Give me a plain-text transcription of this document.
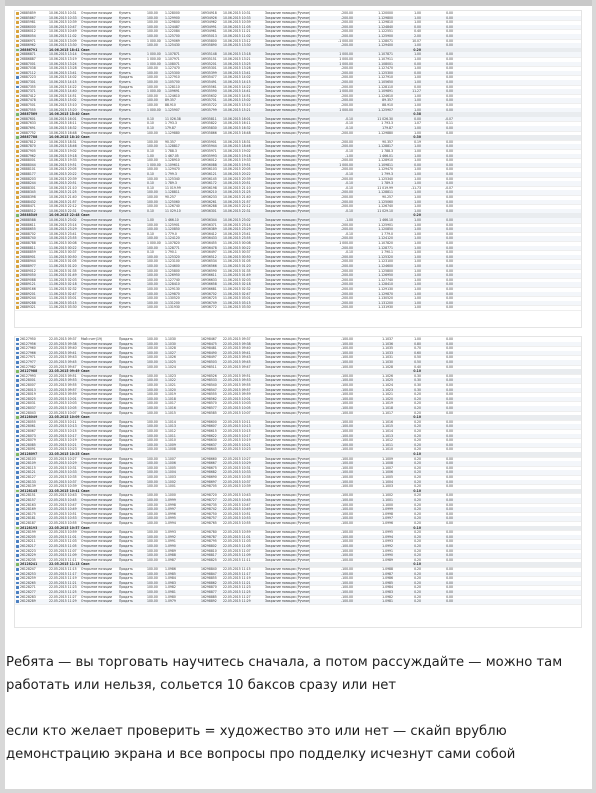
26885859	10.06.2015 10:31	Открытие позиции	Купить	100.00	1.128000	16934918	10.06.2015 10:31	Закрытие позиции (Ручное)	-200.00	1.120000	1.00	0.00
26885867	10.06.2015 10:33	Открытие позиции	Купить	100.00	1.129900	16934926	10.06.2015 10:33	Закрытие позиции (Ручное)	-200.00	1.129800	1.00	0.00
26885981	10.06.2015 10:39	Открытие позиции	Купить	100.00	1.129800	16934962	10.06.2015 10:39	Закрытие позиции (Ручное)	-200.00	1.129810	1.00	0.00
26886000	10.06.2015 10:47	Открытие позиции	Купить	100.00	1.124487	16934991	10.06.2015 11:05	Закрытие позиции (Ручное)	-200.00	1.124840	0.00	0.00
26886012	10.06.2015 10:49	Открытие позиции	Купить	100.00	1.122084	16934961	10.06.2015 11:21	Закрытие позиции (Ручное)	-200.00	1.122551	0.40	0.00
26886054	10.06.2015 11:02	Открытие позиции	Купить	100.00	1.125700	16935013	10.06.2015 11:02	Закрытие позиции (Ручное)	-200.00	1.125900	2.00	0.00
26886971	10.06.2015 13:09	Открытие позиции	Купить	1 000.00	1.129069	16935800	10.06.2015 13:12	Закрытие позиции (Ручное)	-1 000.00	1.128071	10.07	0.00
26886962	10.06.2015 13:30	Открытие позиции	Купить	100.00	1.125430	16935890	10.06.2015 13:30	Закрытие позиции (Ручное)	-200.00	1.129400	1.00	0.00
26886791	10.06.2015 18:41 Своп	0.20
26886871	10.06.2015 13:14	Открытие позиции	Купить	1 000.00	1.107871	16935148	10.06.2015 13:18	Закрытие позиции (Ручное)	1 000.00	1.107871	1.00	0.00
26886887	10.06.2015 13:19	Открытие позиции	Купить	1 000.00	1.107971	16935151	10.06.2015 13:21	Закрытие позиции (Ручное)	1 000.00	1.107911	1.00	0.00
26887001	10.06.2015 13:24	Открытие позиции	Купить	1 000.00	1.108071	16935201	10.06.2015 13:25	Закрытие позиции (Ручное)	1 000.00	1.108001	0.00	0.00
26887038	10.06.2015 13:28	Открытие позиции	Купить	100.00	1.127470	16935301	10.06.2015 13:28	Закрытие позиции (Ручное)	-200.00	1.127470	1.00	0.00
26887112	10.06.2015 13:41	Открытие позиции	Купить	100.00	1.125300	16935399	10.06.2015 13:41	Закрытие позиции (Ручное)	-200.00	1.125300	0.00	0.00
26887223	10.06.2015 14:02	Открытие позиции	Продать	100.00	1.127910	16935477	10.06.2015 14:02	Закрытие позиции (Ручное)	-200.00	1.127910	1.00	0.00
26887301	10.06.2015 14:15	Открытие позиции	Купить	100.00	1.105700	16935491	10.06.2015 14:15	Закрытие позиции (Ручное)	-200.00	1.105650	1.00	0.00
26887355	10.06.2015 14:22	Открытие позиции	Продать	100.00	1.128110	16935561	10.06.2015 14:22	Закрытие позиции (Ручное)	-200.00	1.128110	0.00	0.00
26887371	10.06.2015 14:40	Открытие позиции	Купить	1 000.00	1.109691	16935590	10.06.2015 14:41	Закрытие позиции (Ручное)	1 000.00	1.109891	11.27	0.00
26887412	10.06.2015 14:51	Открытие позиции	Купить	100.00	1.124610	16935632	10.06.2015 14:51	Закрытие позиции (Ручное)	-200.00	1.124610	1.00	0.00
26887478	10.06.2015 15:02	Открытие позиции	Купить	100.00	89.357	16935701	10.06.2015 15:02	Закрытие позиции (Ручное)	-200.00	89.357	1.00	0.00
26887501	10.06.2015 15:10	Открытие позиции	Купить	100.00	88.910	16935722	10.06.2015 15:10	Закрытие позиции (Ручное)	-200.00	88.910	1.00	0.00
26887555	10.06.2015 15:20	Открытие позиции	Купить	1 000.00	1.125907	16935799	10.06.2015 15:21	Закрытие позиции (Ручное)	1 000.00	1.125907	1.00	0.00
26887569	10.06.2015 15:40 Своп	0.38
26887601	10.06.2015 16:01	Открытие позиции	Купить	0.10	11 026.38	16935811	10.06.2015 16:01	Закрытие позиции (Ручное)	-0.10	11 026.30	0.00	-0.07
26887633	10.06.2015 16:11	Открытие позиции	Купить	0.10	1 793.3	16935822	10.06.2015 16:11	Закрытие позиции (Ручное)	-0.10	1 793.3	1.07	0.11
26887691	10.06.2015 16:32	Открытие позиции	Купить	0.10	179.87	16935830	10.06.2015 16:32	Закрытие позиции (Ручное)	-0.10	179.87	1.00	0.00
26887752	10.06.2015 16:48	Открытие позиции	Купить	100.00	1.129880	16935866	10.06.2015 16:48	Закрытие позиции (Ручное)	-200.00	1.129880	1.00	0.00
26887788	10.06.2015 18:10 Своп	0.30
26887812	10.06.2015 18:31	Открытие позиции	Купить	100.00	90.357	16935901	10.06.2015 18:31	Закрытие позиции (Ручное)	-200.00	90.357	0.19	0.00
26887870	10.06.2015 18:46	Открытие позиции	Купить	100.00	1.128817	16935944	10.06.2015 18:46	Закрытие позиции (Ручное)	-200.00	1.128817	1.00	0.00
26887905	10.06.2015 19:02	Открытие позиции	Купить	0.10	1 788.3	16935971	10.06.2015 19:02	Закрытие позиции (Ручное)	-0.10	1 788.3	1.00	0.00
26887962	10.06.2015 19:18	Открытие позиции	Купить	1.00	1 467.05	16935993	10.06.2015 19:18	Закрытие позиции (Ручное)	-1.00	1 466.01	1.00	0.00
26888001	10.06.2015 19:33	Открытие позиции	Купить	100.00	1.128910	16936012	10.06.2015 19:33	Закрытие позиции (Ручное)	-200.00	1.128910	1.00	0.00
26888044	10.06.2015 19:51	Открытие позиции	Купить	1 000.00	1.109611	16936088	10.06.2015 19:51	Закрытие позиции (Ручное)	1 000.00	1.109811	0.00	0.00
26888101	10.06.2015 20:05	Открытие позиции	Купить	100.00	1.129470	16936103	10.06.2015 20:05	Закрытие позиции (Ручное)	-200.00	1.129470	1.00	0.00
26888177	10.06.2015 20:22	Открытие позиции	Купить	0.10	1 799.3	16936121	10.06.2015 20:22	Закрытие позиции (Ручное)	-0.10	1 799.3	1.00	0.00
26888203	10.06.2015 20:39	Открытие позиции	Купить	100.00	1.125340	16936145	10.06.2015 20:39	Закрытие позиции (Ручное)	-200.00	1.125340	1.00	0.00
26888244	10.06.2015 20:51	Открытие позиции	Купить	0.10	1 789.3	16936172	10.06.2015 20:51	Закрытие позиции (Ручное)	-0.10	1 789.3	1.00	0.00
26888301	10.06.2015 21:10	Открытие позиции	Купить	0.10	11 019.99	16936198	10.06.2015 21:10	Закрытие позиции (Ручное)	-0.10	11 019.99	-11.73	-0.07
26888345	10.06.2015 21:25	Открытие позиции	Купить	100.00	1.128811	16936210	10.06.2015 21:25	Закрытие позиции (Ручное)	-200.00	1.128811	1.00	0.00
26888398	10.06.2015 21:40	Открытие позиции	Купить	100.00	90.257	16936233	10.06.2015 21:40	Закрытие позиции (Ручное)	-200.00	90.257	1.00	0.00
26888432	10.06.2015 21:57	Открытие позиции	Купить	100.00	1.125060	16936261	10.06.2015 21:57	Закрытие позиции (Ручное)	-200.00	1.125060	1.00	0.00
26888471	10.06.2015 22:12	Открытие позиции	Купить	100.00	1.126740	16936288	10.06.2015 22:12	Закрытие позиции (Ручное)	-200.00	1.126740	1.00	0.00
26888512	10.06.2015 22:31	Открытие позиции	Купить	0.10	11 029.10	16936301	10.06.2015 22:31	Закрытие позиции (Ручное)	-0.10	11 029.10	1.00	0.00
26888549	10.06.2015 22:48 Своп	0.20
26888588	10.06.2015 23:02	Открытие позиции	Купить	1.00	1 466.10	16936344	10.06.2015 23:02	Закрытие позиции (Ручное)	-1.00	1 466.10	1.00	0.00
26888611	10.06.2015 23:14	Открытие позиции	Купить	100.00	1.125901	16936371	10.06.2015 23:14	Закрытие позиции (Ручное)	-200.00	1.125901	1.00	0.00
26888655	10.06.2015 23:29	Открытие позиции	Купить	100.00	1.120850	16936389	10.06.2015 23:29	Закрытие позиции (Ручное)	-200.00	1.120850	1.00	0.00
26888702	10.06.2015 23:41	Открытие позиции	Купить	0.10	1 779.0	16936412	10.06.2015 23:41	Закрытие позиции (Ручное)	-0.10	1 779.0	1.00	0.00
26888740	10.06.2015 23:55	Открытие позиции	Купить	100.00	1.124120	16936433	10.06.2015 23:55	Закрытие позиции (Ручное)	-200.00	1.124120	1.00	0.00
26888788	11.06.2015 00:08	Открытие позиции	Купить	1 000.00	1.107820	16936455	11.06.2015 00:08	Закрытие позиции (Ручное)	1 000.00	1.107820	1.00	0.00
26888811	11.06.2015 00:22	Открытие позиции	Купить	100.00	1.128771	16936478	11.06.2015 00:22	Закрытие позиции (Ручное)	-200.00	1.128771	1.00	0.00
26888859	11.06.2015 00:37	Открытие позиции	Купить	0.10	1 790.1	16936497	11.06.2015 00:37	Закрытие позиции (Ручное)	-0.10	1 790.1	1.00	0.00
26888901	11.06.2015 00:50	Открытие позиции	Купить	100.00	1.125320	16936512	11.06.2015 00:50	Закрытие позиции (Ручное)	-200.00	1.125320	1.00	0.00
26888944	11.06.2015 01:05	Открытие позиции	Купить	100.00	1.123100	16936534	11.06.2015 01:05	Закрытие позиции (Ручное)	-200.00	1.123100	1.00	0.00
26888977	11.06.2015 01:20	Открытие позиции	Купить	100.00	1.124600	16936566	11.06.2015 01:20	Закрытие позиции (Ручное)	-200.00	1.124600	1.00	0.00
26889012	11.06.2015 01:35	Открытие позиции	Купить	100.00	1.125800	16936590	11.06.2015 01:35	Закрытие позиции (Ручное)	-200.00	1.125800	1.00	0.00
26889050	11.06.2015 01:49	Открытие позиции	Купить	100.00	1.126950	16936611	11.06.2015 01:49	Закрытие позиции (Ручное)	-200.00	1.126950	1.00	0.00
26889088	11.06.2015 02:03	Открытие позиции	Купить	100.00	1.127740	16936633	11.06.2015 02:03	Закрытие позиции (Ручное)	-200.00	1.127740	1.00	0.00
26889121	11.06.2015 02:18	Открытие позиции	Купить	100.00	1.128410	16936658	11.06.2015 02:18	Закрытие позиции (Ручное)	-200.00	1.128410	1.00	0.00
26889166	11.06.2015 02:32	Открытие позиции	Купить	100.00	1.129130	16936681	11.06.2015 02:32	Закрытие позиции (Ручное)	-200.00	1.129130	1.00	0.00
26889201	11.06.2015 02:47	Открытие позиции	Купить	100.00	1.129870	16936702	11.06.2015 02:47	Закрытие позиции (Ручное)	-200.00	1.129870	1.00	0.00
26889244	11.06.2015 03:01	Открытие позиции	Купить	100.00	1.130520	16936725	11.06.2015 03:01	Закрытие позиции (Ручное)	-200.00	1.130520	1.00	0.00
26889288	11.06.2015 03:15	Открытие позиции	Купить	100.00	1.131200	16936749	11.06.2015 03:15	Закрытие позиции (Ручное)	-200.00	1.131200	1.00	0.00
26889321	11.06.2015 03:30	Открытие позиции	Купить	100.00	1.131930	16936772	11.06.2015 03:30	Закрытие позиции (Ручное)	-200.00	1.131930	1.00	0.00
26127950	22.05.2015 09:37	Мой счет(19)	Продать	100.00	1.1030	16298467	22.05.2015 09:37	Закрытие позиции (Ручное)	-100.00	1.1037	1.00	0.00
26127956	22.05.2015 09:38	Открытие позиции	Продать	100.00	1.1030	16298475	22.05.2015 09:38	Закрытие позиции (Ручное)	-100.00	1.1036	0.80	0.00
26127960	22.05.2015 09:40	Открытие позиции	Продать	100.00	1.1028	16298481	22.05.2015 09:40	Закрытие позиции (Ручное)	-100.00	1.1035	0.70	0.00
26127966	22.05.2015 09:41	Открытие позиции	Продать	100.00	1.1027	16298490	22.05.2015 09:41	Закрытие позиции (Ручное)	-100.00	1.1033	0.60	0.00
26127971	22.05.2015 09:43	Открытие позиции	Продать	100.00	1.1026	16298497	22.05.2015 09:43	Закрытие позиции (Ручное)	-100.00	1.1031	0.50	0.00
26127977	22.05.2015 09:45	Открытие позиции	Продать	100.00	1.1025	16298503	22.05.2015 09:45	Закрытие позиции (Ручное)	-100.00	1.1030	0.50	0.00
26127982	22.05.2015 09:47	Открытие позиции	Продать	100.00	1.1024	16298511	22.05.2015 09:47	Закрытие позиции (Ручное)	-100.00	1.1028	0.40	0.00
26127988	22.05.2015 09:49 Своп	0.10
26127993	22.05.2015 09:51	Открытие позиции	Продать	100.00	1.1023	16298526	22.05.2015 09:51	Закрытие позиции (Ручное)	-100.00	1.1026	0.30	0.00
26128001	22.05.2015 09:53	Открытие позиции	Продать	100.00	1.1022	16298533	22.05.2015 09:53	Закрытие позиции (Ручное)	-100.00	1.1025	0.30	0.00
26128007	22.05.2015 09:55	Открытие позиции	Продать	100.00	1.1021	16298540	22.05.2015 09:55	Закрытие позиции (Ручное)	-100.00	1.1024	0.30	0.00
26128013	22.05.2015 09:57	Открытие позиции	Продать	100.00	1.1020	16298547	22.05.2015 09:57	Закрытие позиции (Ручное)	-100.00	1.1023	0.30	0.00
26128019	22.05.2015 09:59	Открытие позиции	Продать	100.00	1.1019	16298555	22.05.2015 09:59	Закрытие позиции (Ручное)	-100.00	1.1021	0.20	0.00
26128025	22.05.2015 10:01	Открытие позиции	Продать	100.00	1.1018	16298562	22.05.2015 10:01	Закрытие позиции (Ручное)	-100.00	1.1020	0.20	0.00
26128031	22.05.2015 10:03	Открытие позиции	Продать	100.00	1.1017	16298570	22.05.2015 10:03	Закрытие позиции (Ручное)	-100.00	1.1019	0.20	0.00
26128037	22.05.2015 10:05	Открытие позиции	Продать	100.00	1.1016	16298577	22.05.2015 10:05	Закрытие позиции (Ручное)	-100.00	1.1018	0.20	0.00
26128043	22.05.2015 10:07	Открытие позиции	Продать	100.00	1.1015	16298585	22.05.2015 10:07	Закрытие позиции (Ручное)	-100.00	1.1017	0.20	0.00
26128049	22.05.2015 10:09 Своп	0.10
26128055	22.05.2015 10:11	Открытие позиции	Продать	100.00	1.1014	16298600	22.05.2015 10:11	Закрытие позиции (Ручное)	-100.00	1.1016	0.20	0.00
26128061	22.05.2015 10:13	Открытие позиции	Продать	100.00	1.1013	16298607	22.05.2015 10:13	Закрытие позиции (Ручное)	-100.00	1.1015	0.20	0.00
26128067	22.05.2015 10:15	Открытие позиции	Продать	100.00	1.1012	16298615	22.05.2015 10:15	Закрытие позиции (Ручное)	-100.00	1.1014	0.20	0.00
26128073	22.05.2015 10:17	Открытие позиции	Продать	100.00	1.1011	16298622	22.05.2015 10:17	Закрытие позиции (Ручное)	-100.00	1.1013	0.20	0.00
26128079	22.05.2015 10:19	Открытие позиции	Продать	100.00	1.1010	16298630	22.05.2015 10:19	Закрытие позиции (Ручное)	-100.00	1.1012	0.20	0.00
26128085	22.05.2015 10:21	Открытие позиции	Продать	100.00	1.1009	16298637	22.05.2015 10:21	Закрытие позиции (Ручное)	-100.00	1.1011	0.20	0.00
26128091	22.05.2015 10:23	Открытие позиции	Продать	100.00	1.1008	16298645	22.05.2015 10:23	Закрытие позиции (Ручное)	-100.00	1.1010	0.20	0.00
26128097	22.05.2015 10:25 Своп	0.10
26128103	22.05.2015 10:27	Открытие позиции	Продать	100.00	1.1007	16298660	22.05.2015 10:27	Закрытие позиции (Ручное)	-100.00	1.1009	0.20	0.00
26128109	22.05.2015 10:29	Открытие позиции	Продать	100.00	1.1006	16298667	22.05.2015 10:29	Закрытие позиции (Ручное)	-100.00	1.1008	0.20	0.00
26128115	22.05.2015 10:31	Открытие позиции	Продать	100.00	1.1005	16298675	22.05.2015 10:31	Закрытие позиции (Ручное)	-100.00	1.1007	0.20	0.00
26128121	22.05.2015 10:33	Открытие позиции	Продать	100.00	1.1004	16298682	22.05.2015 10:33	Закрытие позиции (Ручное)	-100.00	1.1006	0.20	0.00
26128127	22.05.2015 10:35	Открытие позиции	Продать	100.00	1.1003	16298690	22.05.2015 10:35	Закрытие позиции (Ручное)	-100.00	1.1005	0.20	0.00
26128133	22.05.2015 10:37	Открытие позиции	Продать	100.00	1.1002	16298697	22.05.2015 10:37	Закрытие позиции (Ручное)	-100.00	1.1004	0.20	0.00
26128139	22.05.2015 10:39	Открытие позиции	Продать	100.00	1.1001	16298705	22.05.2015 10:39	Закрытие позиции (Ручное)	-100.00	1.1003	0.20	0.00
26128145	22.05.2015 10:41 Своп	0.10
26128151	22.05.2015 10:43	Открытие позиции	Продать	100.00	1.1000	16298720	22.05.2015 10:43	Закрытие позиции (Ручное)	-100.00	1.1002	0.20	0.00
26128157	22.05.2015 10:45	Открытие позиции	Продать	100.00	1.0999	16298727	22.05.2015 10:45	Закрытие позиции (Ручное)	-100.00	1.1001	0.20	0.00
26128163	22.05.2015 10:47	Открытие позиции	Продать	100.00	1.0998	16298735	22.05.2015 10:47	Закрытие позиции (Ручное)	-100.00	1.1000	0.20	0.00
26128169	22.05.2015 10:49	Открытие позиции	Продать	100.00	1.0997	16298742	22.05.2015 10:49	Закрытие позиции (Ручное)	-100.00	1.0999	0.20	0.00
26128175	22.05.2015 10:51	Открытие позиции	Продать	100.00	1.0996	16298750	22.05.2015 10:51	Закрытие позиции (Ручное)	-100.00	1.0998	0.20	0.00
26128181	22.05.2015 10:53	Открытие позиции	Продать	100.00	1.0995	16298757	22.05.2015 10:53	Закрытие позиции (Ручное)	-100.00	1.0997	0.20	0.00
26128187	22.05.2015 10:55	Открытие позиции	Продать	100.00	1.0994	16298765	22.05.2015 10:55	Закрытие позиции (Ручное)	-100.00	1.0996	0.20	0.00
26128193	22.05.2015 10:57 Своп	0.10
26128199	22.05.2015 10:59	Открытие позиции	Продать	100.00	1.0993	16298780	22.05.2015 10:59	Закрытие позиции (Ручное)	-100.00	1.0995	0.20	0.00
26128205	22.05.2015 11:01	Открытие позиции	Продать	100.00	1.0992	16298787	22.05.2015 11:01	Закрытие позиции (Ручное)	-100.00	1.0994	0.20	0.00
26128211	22.05.2015 11:03	Открытие позиции	Продать	100.00	1.0991	16298795	22.05.2015 11:03	Закрытие позиции (Ручное)	-100.00	1.0993	0.20	0.00
26128217	22.05.2015 11:05	Открытие позиции	Продать	100.00	1.0990	16298802	22.05.2015 11:05	Закрытие позиции (Ручное)	-100.00	1.0992	0.20	0.00
26128223	22.05.2015 11:07	Открытие позиции	Продать	100.00	1.0989	16298810	22.05.2015 11:07	Закрытие позиции (Ручное)	-100.00	1.0991	0.20	0.00
26128229	22.05.2015 11:09	Открытие позиции	Продать	100.00	1.0988	16298817	22.05.2015 11:09	Закрытие позиции (Ручное)	-100.00	1.0990	0.20	0.00
26128235	22.05.2015 11:11	Открытие позиции	Продать	100.00	1.0987	16298825	22.05.2015 11:11	Закрытие позиции (Ручное)	-100.00	1.0989	0.20	0.00
26128241	22.05.2015 11:13 Своп	0.10
26128247	22.05.2015 11:15	Открытие позиции	Продать	100.00	1.0986	16298840	22.05.2015 11:15	Закрытие позиции (Ручное)	-100.00	1.0988	0.20	0.00
26128253	22.05.2015 11:17	Открытие позиции	Продать	100.00	1.0985	16298847	22.05.2015 11:17	Закрытие позиции (Ручное)	-100.00	1.0987	0.20	0.00
26128259	22.05.2015 11:19	Открытие позиции	Продать	100.00	1.0984	16298855	22.05.2015 11:19	Закрытие позиции (Ручное)	-100.00	1.0986	0.20	0.00
26128265	22.05.2015 11:21	Открытие позиции	Продать	100.00	1.0983	16298862	22.05.2015 11:21	Закрытие позиции (Ручное)	-100.00	1.0985	0.20	0.00
26128271	22.05.2015 11:23	Открытие позиции	Продать	100.00	1.0982	16298870	22.05.2015 11:23	Закрытие позиции (Ручное)	-100.00	1.0984	0.20	0.00
26128277	22.05.2015 11:25	Открытие позиции	Продать	100.00	1.0981	16298877	22.05.2015 11:25	Закрытие позиции (Ручное)	-100.00	1.0983	0.20	0.00
26128283	22.05.2015 11:27	Открытие позиции	Продать	100.00	1.0980	16298885	22.05.2015 11:27	Закрытие позиции (Ручное)	-100.00	1.0982	0.20	0.00
26128289	22.05.2015 11:29	Открытие позиции	Продать	100.00	1.0979	16298892	22.05.2015 11:29	Закрытие позиции (Ручное)	-100.00	1.0981	0.20	0.00

Ребята — вы торговать научитесь сначала, а потом рассуждайте — можно там работать или нельзя, сольется 10 баксов сразу или нет

если кто желает проверить = художество это или нет — скайп врублю демонстрацию экрана и все вопросы про подделку исчезнут сами собой
